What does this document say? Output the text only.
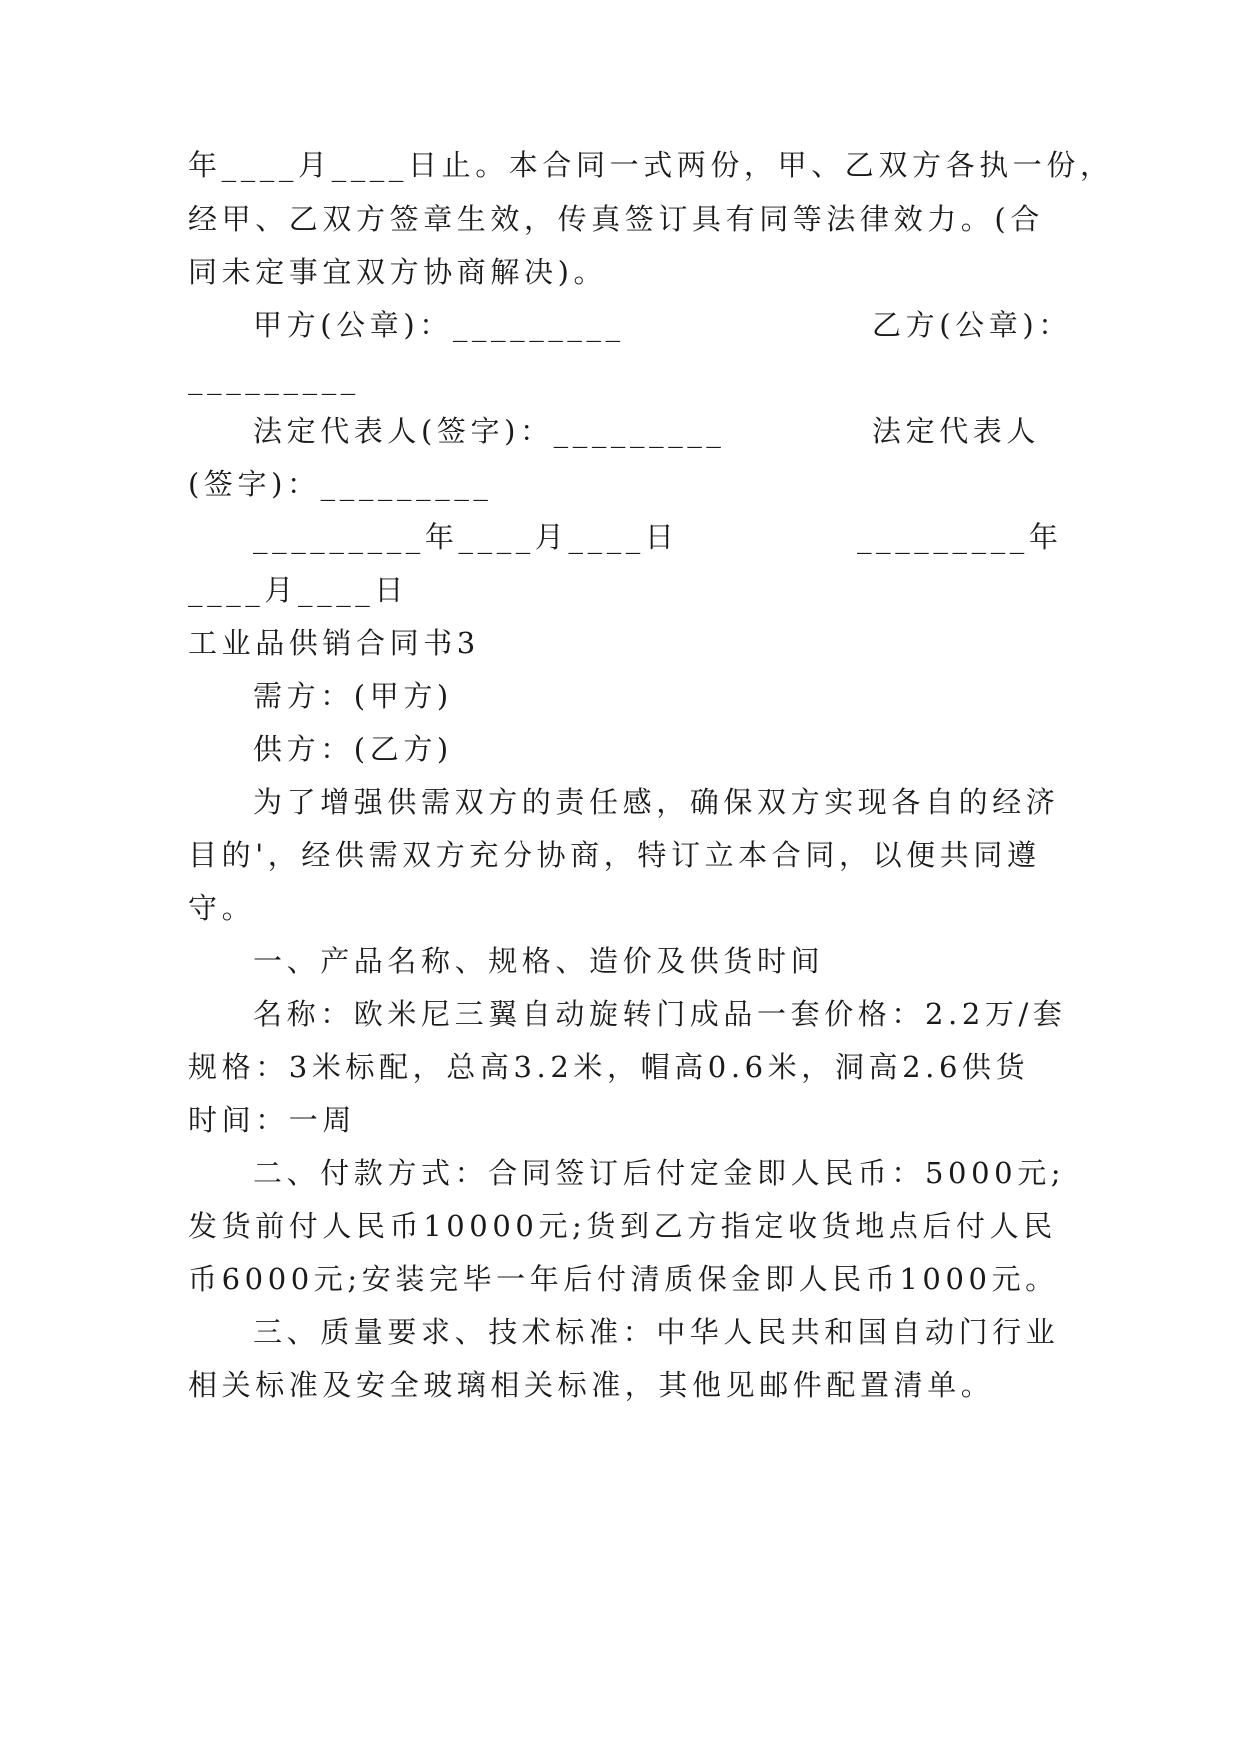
年____月____日止。本合同一式两份，甲、乙双方各执一份，
经甲、乙双方签章生效，传真签订具有同等法律效力。(合
同未定事宜双方协商解决)。
甲方(公章)：_________	乙方(公章)：
_________
法定代表人(签字)：_________	法定代表人
(签字)：_________
_________年____月____日	_________年
____月____日
工业品供销合同书3
需方：(甲方)
供方：(乙方)
为了增强供需双方的责任感，确保双方实现各自的经济
目的'，经供需双方充分协商，特订立本合同，以便共同遵
守。
一、产品名称、规格、造价及供货时间
名称：欧米尼三翼自动旋转门成品一套价格：2.2万/套
规格：3米标配，总高3.2米，帽高0.6米，洞高2.6供货
时间：一周
二、付款方式：合同签订后付定金即人民币：5000元;
发货前付人民币10000元;货到乙方指定收货地点后付人民
币6000元;安装完毕一年后付清质保金即人民币1000元。
三、质量要求、技术标准：中华人民共和国自动门行业
相关标准及安全玻璃相关标准，其他见邮件配置清单。
